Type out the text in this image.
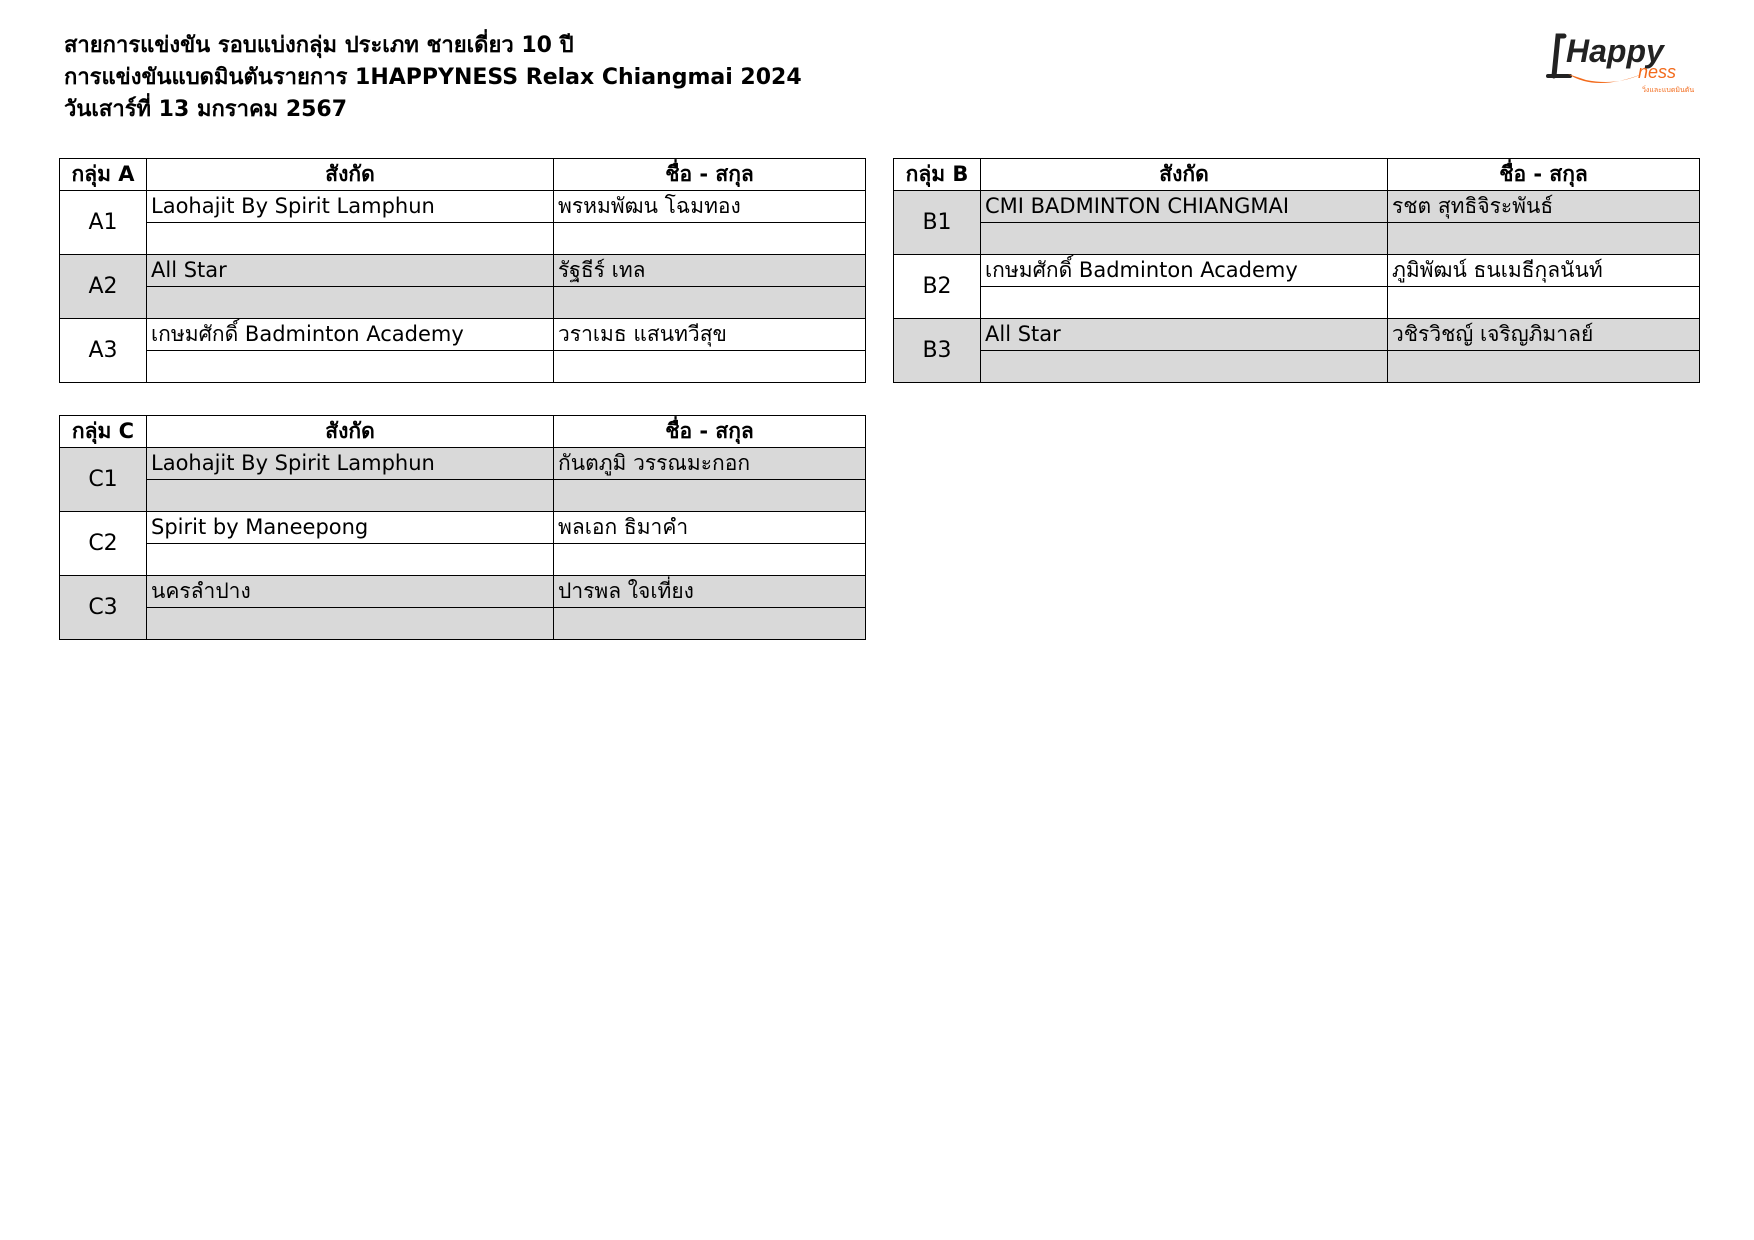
สายการแข่งขัน รอบแบ่งกลุ่ม ประเภท ชายเดี่ยว 10 ปี
การแข่งขันแบดมินตันรายการ 1HAPPYNESS Relax Chiangmai 2024
วันเสาร์ที่ 13 มกราคม 2567
Happy
ness
วิ่งและแบดมินตัน
กลุ่ม A	สังกัด	ชื่อ - สกุล
A1	Laohajit By Spirit Lamphun	พรหมพัฒน โฉมทอง

A2	All Star	รัฐธีร์ เทล

A3	เกษมศักดิ์ Badminton Academy	วราเมธ แสนทวีสุข

กลุ่ม B	สังกัด	ชื่อ - สกุล
B1	CMI BADMINTON CHIANGMAI	รชต สุทธิจิระพันธ์

B2	เกษมศักดิ์ Badminton Academy	ภูมิพัฒน์ ธนเมธีกุลนันท์

B3	All Star	วชิรวิชญ์ เจริญภิมาลย์

กลุ่ม C	สังกัด	ชื่อ - สกุล
C1	Laohajit By Spirit Lamphun	กันตภูมิ วรรณมะกอก

C2	Spirit by Maneepong	พลเอก ธิมาคำ

C3	นครลำปาง	ปารพล ใจเที่ยง
